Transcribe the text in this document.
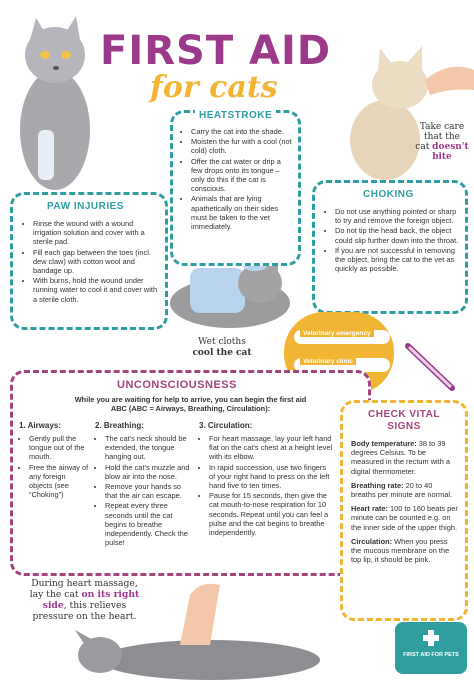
FIRST AID FOR PETS
FIRST AID
for cats
HEATSTROKE
• Carry the cat into the shade.
• Moisten the fur with a cool (not cold) cloth.
• Offer the cat water or drip a few drops onto its tongue – only do this if the cat is conscious.
• Animals that are lying apathetically on their sides must be taken to the vet immediately.
PAW INJURIES
• Rinse the wound with a wound irrigation solution and cover with a sterile pad.
• Fill each gap between the toes (incl. dew claw) with cotton wool and bandage up.
• With burns, hold the wound under running water to cool it and cover with a sterile cloth.
CHOKING
• Do not use anything pointed or sharp to try and remove the foreign object.
• Do not tip the head back, the object could slip further down into the throat.
• If you are not successful in removing the object, bring the cat to the vet as quickly as possible.
Take care
that the
cat doesn't
bite
Wet cloths
cool the cat
Veterinary emergency
Veterinary clinic
UNCONSCIOUSNESS
While you are waiting for help to arrive, you can begin the first aid ABC (ABC = Airways, Breathing, Circulation):
1. Airways:
• Gently pull the tongue out of the mouth.
• Free the airway of any foreign objects (see “Choking”)
2. Breathing:
• The cat’s neck should be extended, the tongue hanging out.
• Hold the cat’s muzzle and blow air into the nose.
• Remove your hands so that the air can escape.
• Repeat every three seconds until the cat begins to breathe independently. Check the pulse!
3. Circulation:
• For heart massage, lay your left hand flat on the cat’s chest at a height level with its elbow.
• In rapid succession, use two fingers of your right hand to press on the left hand five to ten times.
• Pause for 15 seconds, then give the cat mouth-to-nose respiration for 10 seconds. Repeat until you can feel a pulse and the cat begins to breathe independently.
CHECK VITAL SIGNS

Body temperature: 38 to 39 degrees Celsius. To be measured in the rectum with a digital thermometer.

Breathing rate: 20 to 40 breaths per minute are normal.

Heart rate: 100 to 160 beats per minute can be counted e.g. on the inner side of the upper thigh.

Circulation: When you press the mucous membrane on the top lip, it should be pink.

During heart massage,
lay the cat on its right
side, this relieves
pressure on the heart.
